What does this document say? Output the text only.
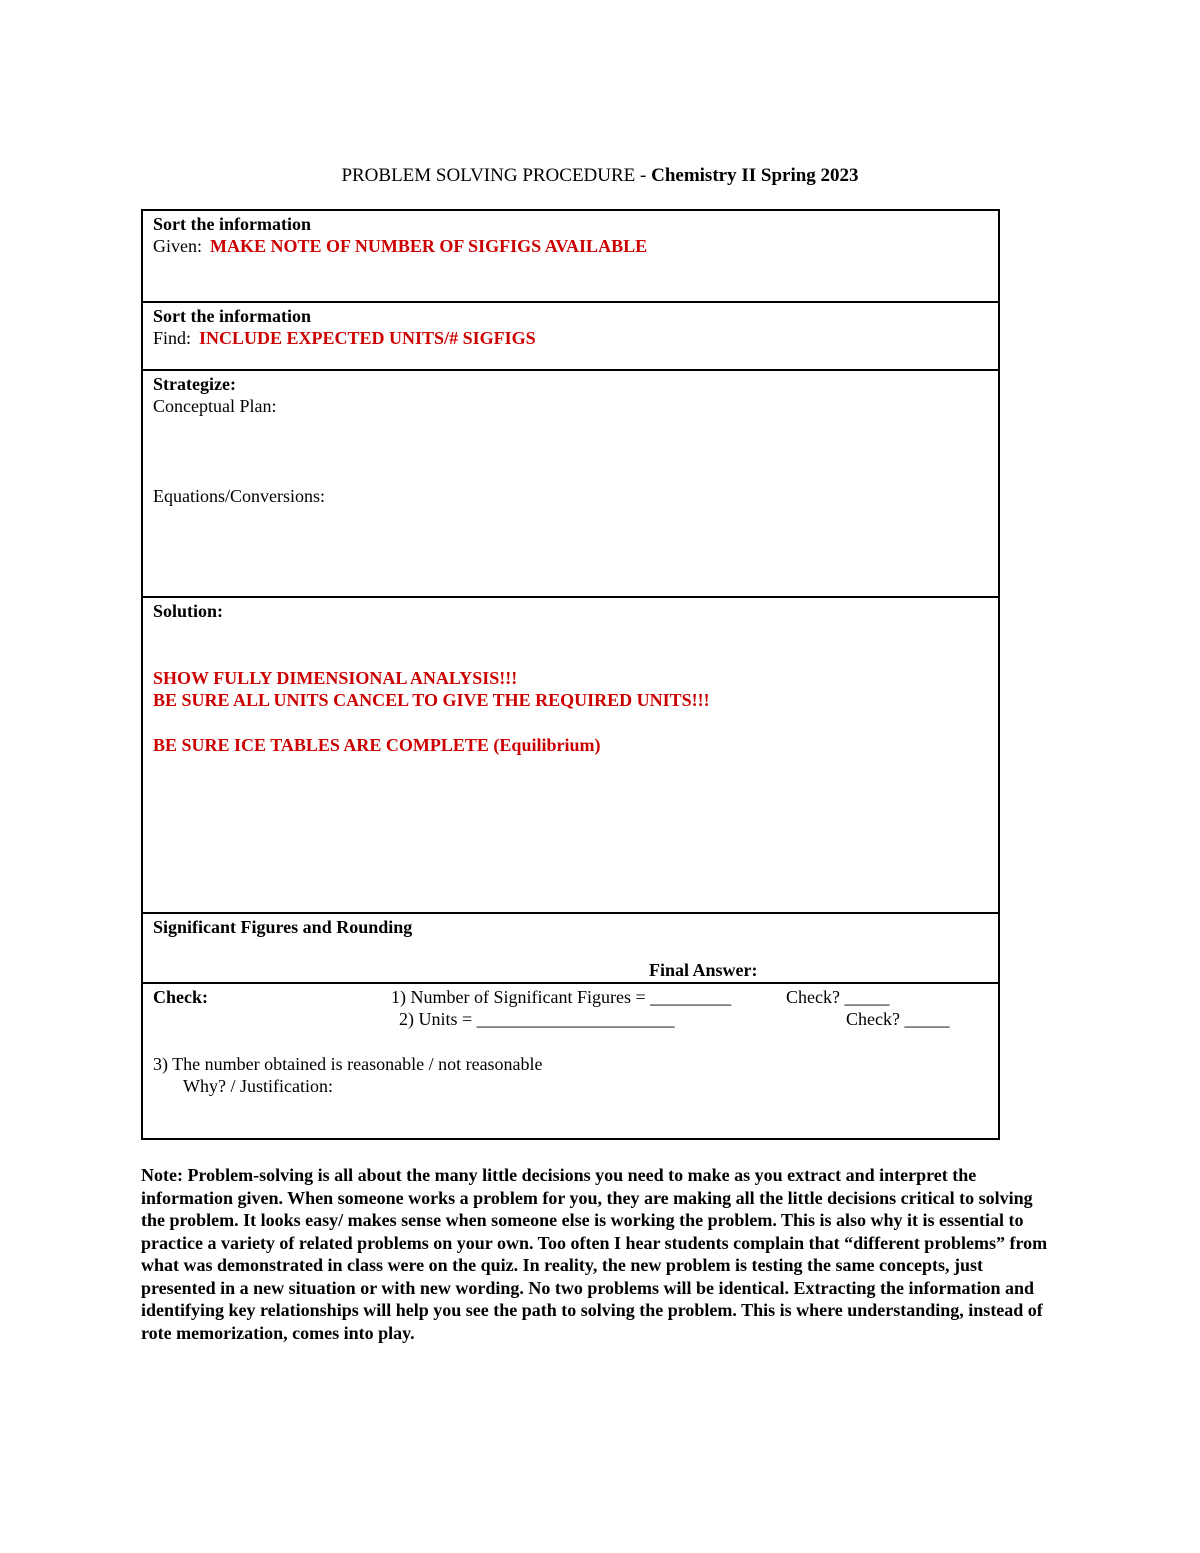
PROBLEM SOLVING PROCEDURE - Chemistry II Spring 2023
Sort the information
Given: MAKE NOTE OF NUMBER OF SIGFIGS AVAILABLE
Sort the information
Find: INCLUDE EXPECTED UNITS/# SIGFIGS
Strategize:
Conceptual Plan:
Equations/Conversions:
Solution:
SHOW FULLY DIMENSIONAL ANALYSIS!!!
BE SURE ALL UNITS CANCEL TO GIVE THE REQUIRED UNITS!!!
BE SURE ICE TABLES ARE COMPLETE (Equilibrium)
Significant Figures and Rounding
Final Answer:
Check:	1) Number of Significant Figures = _________	Check? _____
2) Units = ______________________	Check? _____
3) The number obtained is reasonable / not reasonable
Why? / Justification:
Note: Problem-solving is all about the many little decisions you need to make as you extract and interpret the information given. When someone works a problem for you, they are making all the little decisions critical to solving the problem. It looks easy/ makes sense when someone else is working the problem. This is also why it is essential to practice a variety of related problems on your own. Too often I hear students complain that “different problems” from what was demonstrated in class were on the quiz. In reality, the new problem is testing the same concepts, just presented in a new situation or with new wording. No two problems will be identical. Extracting the information and identifying key relationships will help you see the path to solving the problem. This is where understanding, instead of rote memorization, comes into play.
